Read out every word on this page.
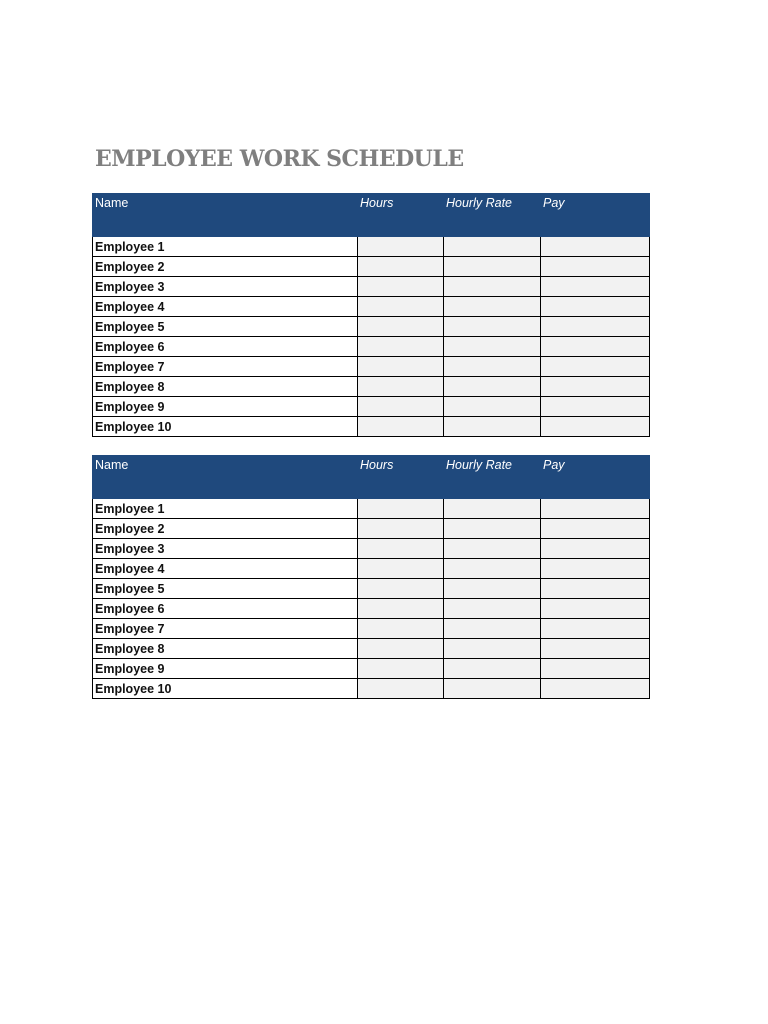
EMPLOYEE WORK SCHEDULE
Name	Hours	Hourly Rate	Pay
Employee 1			
Employee 2			
Employee 3			
Employee 4			
Employee 5			
Employee 6			
Employee 7			
Employee 8			
Employee 9			
Employee 10			
Name	Hours	Hourly Rate	Pay
Employee 1			
Employee 2			
Employee 3			
Employee 4			
Employee 5			
Employee 6			
Employee 7			
Employee 8			
Employee 9			
Employee 10			
